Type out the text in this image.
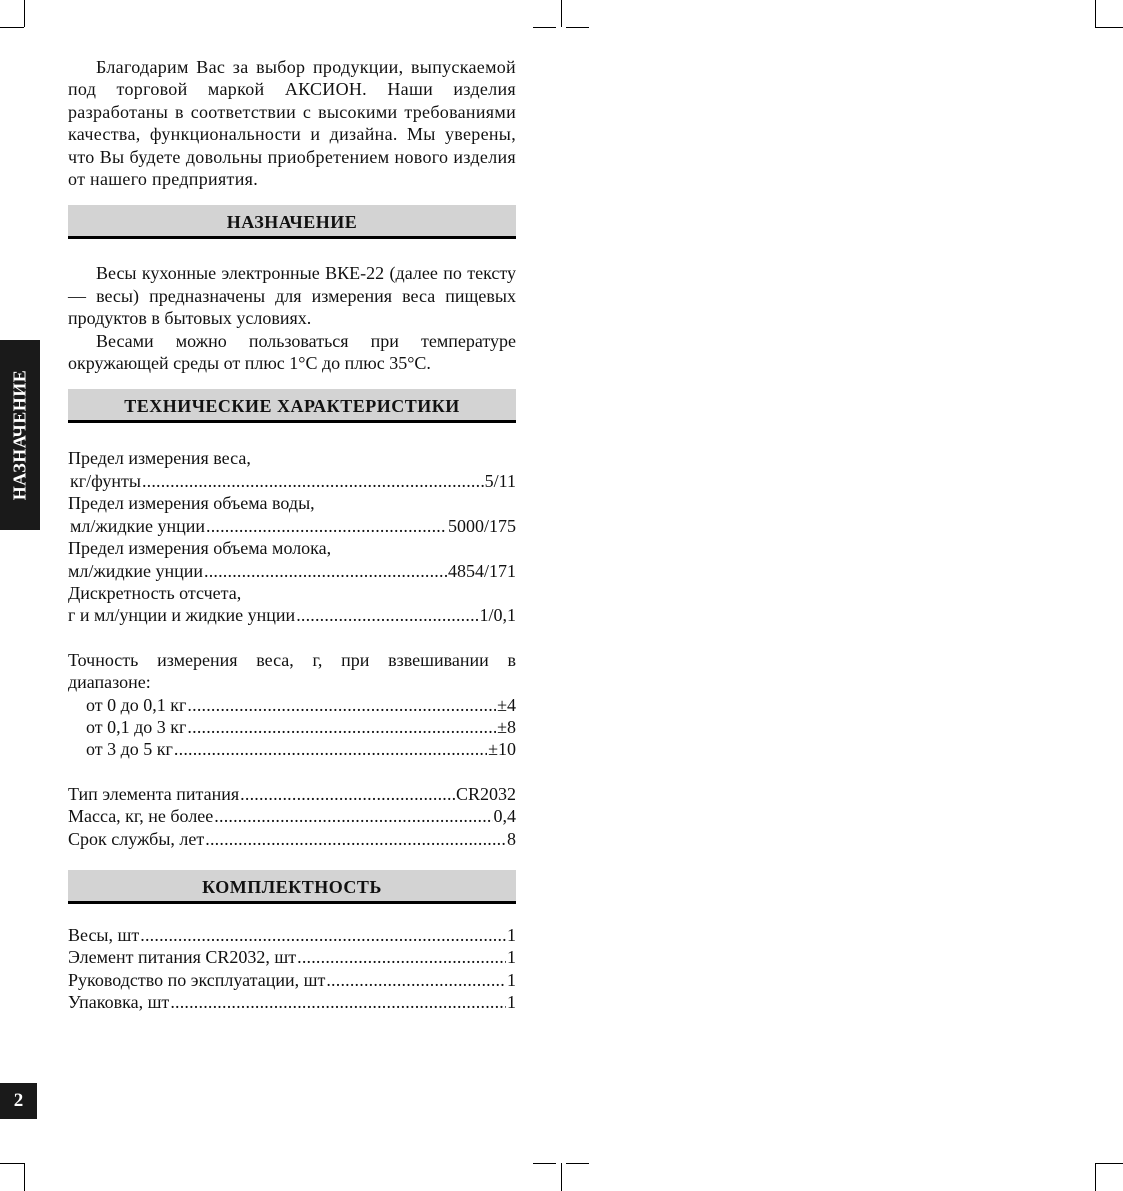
НАЗНАЧЕНИЕ
2

Благодарим Вас за выбор продукции, выпускаемой под торговой маркой АКСИОН. Наши изделия разработаны в соответствии с высокими требованиями качества, функциональности и дизайна. Мы уверены, что Вы будете довольны приобретением нового изделия от нашего предприятия.

НАЗНАЧЕНИЕ

Весы кухонные электронные ВКЕ-22 (далее по тексту — весы) предназначены для измерения веса пищевых продуктов в бытовых условиях.

Весами можно пользоваться при температуре окружающей среды от плюс 1°С до плюс 35°С.

ТЕХНИЧЕСКИЕ ХАРАКТЕРИСТИКИ
Предел измерения веса,
кг/фунты .....	5/11
Предел измерения объема воды,
мл/жидкие унции .....	5000/175
Предел измерения объема молока,
мл/жидкие унции .....	4854/171
Дискретность отсчета,
г и мл/унции и жидкие унции .....	1/0,1

Точность измерения веса, г, при взвешивании в диапазоне:

от 0 до 0,1 кг .....	±4
от 0,1 до 3 кг .....	±8
от 3 до 5 кг .....	±10
Тип элемента питания .....	CR2032
Масса, кг, не более .....	0,4
Срок службы, лет .....	8
КОМПЛЕКТНОСТЬ
Весы, шт .....	1
Элемент питания CR2032, шт .....	1
Руководство по эксплуатации, шт .....	1
Упаковка, шт .....	1
